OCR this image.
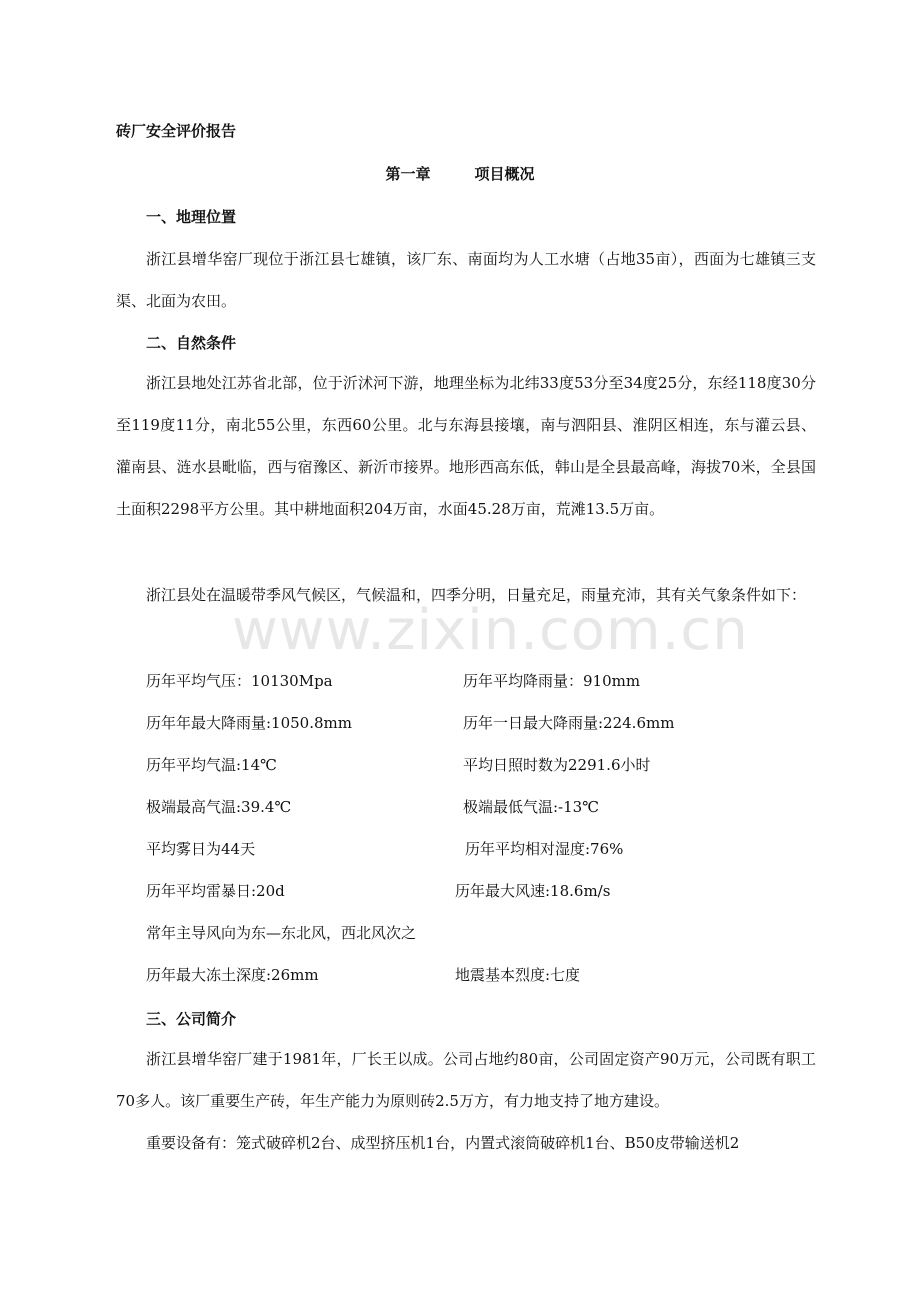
砖厂安全评价报告
第一章	项目概况
一、地理位置

浙江县增华窑厂现位于浙江县七雄镇，该厂东、南面均为人工水塘（占地35亩），西面为七雄镇三支渠、北面为农田。

二、自然条件

浙江县地处江苏省北部，位于沂沭河下游，地理坐标为北纬33度53分至34度25分，东经118度30分至119度11分，南北55公里，东西60公里。北与东海县接壤，南与泗阳县、淮阴区相连，东与灌云县、灌南县、涟水县毗临，西与宿豫区、新沂市接界。地形西高东低，韩山是全县最高峰，海拔70米，全县国土面积2298平方公里。其中耕地面积204万亩，水面45.28万亩，荒滩13.5万亩。

浙江县处在温暖带季风气候区，气候温和，四季分明，日量充足，雨量充沛，其有关气象条件如下：

历年平均气压：10130Mpa	历年平均降雨量：910mm
历年年最大降雨量:1050.8mm	历年一日最大降雨量:224.6mm
历年平均气温:14℃	平均日照时数为2291.6小时
极端最高气温:39.4℃	极端最低气温:-13℃
平均雾日为44天	历年平均相对湿度:76%
历年平均雷暴日:20d	历年最大风速:18.6m/s
常年主导风向为东—东北风，西北风次之
历年最大冻土深度:26mm	地震基本烈度:七度
三、公司简介

浙江县增华窑厂建于1981年，厂长王以成。公司占地约80亩，公司固定资产90万元，公司既有职工70多人。该厂重要生产砖，年生产能力为原则砖2.5万方，有力地支持了地方建设。

重要设备有：笼式破碎机2台、成型挤压机1台，内置式滚筒破碎机1台、B50皮带输送机2

www.zixin.com.cn
